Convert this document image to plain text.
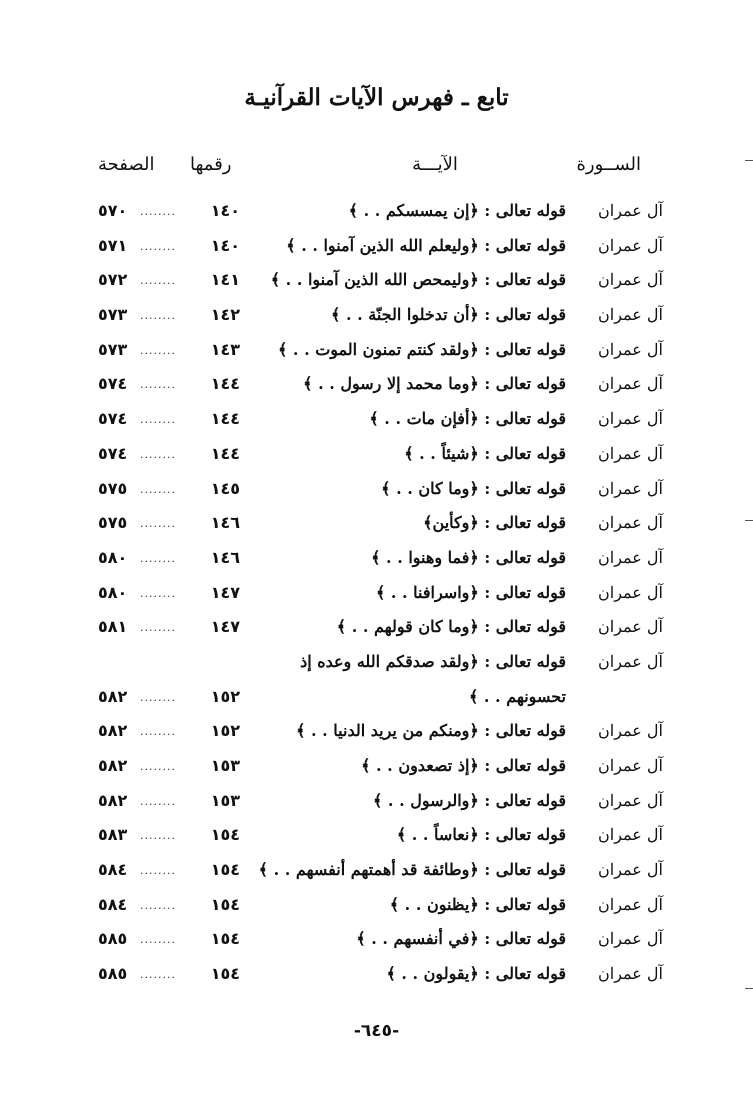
تابع ـ فهرس الآيات القرآنيـة
الســورة
الآيـــة
رقمها
الصفحة
آل عمران
قوله تعالى : ﴿إن يمسسكم . . ﴾
١٤٠
........
٥٧٠
آل عمران
قوله تعالى : ﴿وليعلم الله الذين آمنوا . . ﴾
١٤٠
........
٥٧١
آل عمران
قوله تعالى : ﴿وليمحص الله الذين آمنوا . . ﴾
١٤١
........
٥٧٢
آل عمران
قوله تعالى : ﴿أن تدخلوا الجنّة . . ﴾
١٤٢
........
٥٧٣
آل عمران
قوله تعالى : ﴿ولقد كنتم تمنون الموت . . ﴾
١٤٣
........
٥٧٣
آل عمران
قوله تعالى : ﴿وما محمد إلا رسول . . ﴾
١٤٤
........
٥٧٤
آل عمران
قوله تعالى : ﴿أفإن مات . . ﴾
١٤٤
........
٥٧٤
آل عمران
قوله تعالى : ﴿شيئاً . . ﴾
١٤٤
........
٥٧٤
آل عمران
قوله تعالى : ﴿وما كان . . ﴾
١٤٥
........
٥٧٥
آل عمران
قوله تعالى : ﴿وكأين﴾
١٤٦
........
٥٧٥
آل عمران
قوله تعالى : ﴿فما وهنوا . . ﴾
١٤٦
........
٥٨٠
آل عمران
قوله تعالى : ﴿واسرافنا . . ﴾
١٤٧
........
٥٨٠
آل عمران
قوله تعالى : ﴿وما كان قولهم . . ﴾
١٤٧
........
٥٨١
آل عمران
قوله تعالى : ﴿ولقد صدقكم الله وعده إذ
تحسونهم . . ﴾
١٥٢
........
٥٨٢
آل عمران
قوله تعالى : ﴿ومنكم من يريد الدنيا . . ﴾
١٥٢
........
٥٨٢
آل عمران
قوله تعالى : ﴿إذ تصعدون . . ﴾
١٥٣
........
٥٨٢
آل عمران
قوله تعالى : ﴿والرسول . . ﴾
١٥٣
........
٥٨٢
آل عمران
قوله تعالى : ﴿نعاساً . . ﴾
١٥٤
........
٥٨٣
آل عمران
قوله تعالى : ﴿وطائفة قد أهمتهم أنفسهم . . ﴾
١٥٤
........
٥٨٤
آل عمران
قوله تعالى : ﴿يظنون . . ﴾
١٥٤
........
٥٨٤
آل عمران
قوله تعالى : ﴿في أنفسهم . . ﴾
١٥٤
........
٥٨٥
آل عمران
قوله تعالى : ﴿يقولون . . ﴾
١٥٤
........
٥٨٥
-٦٤٥-
